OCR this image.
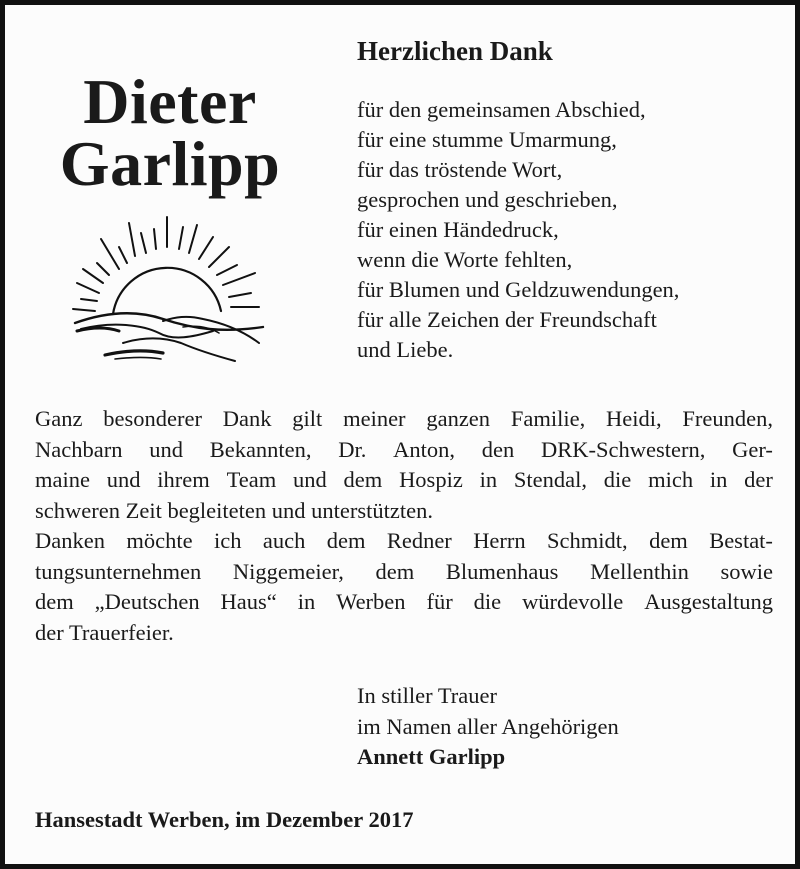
Dieter
Garlipp
Herzlichen Dank
für den gemeinsamen Abschied,
für eine stumme Umarmung,
für das tröstende Wort,
gesprochen und geschrieben,
für einen Händedruck,
wenn die Worte fehlten,
für Blumen und Geldzuwendungen,
für alle Zeichen der Freundschaft
und Liebe.
Ganz besonderer Dank gilt meiner ganzen Familie, Heidi, Freunden,
Nachbarn und Bekannten, Dr. Anton, den DRK-Schwestern, Ger-
maine und ihrem Team und dem Hospiz in Stendal, die mich in der
schweren Zeit begleiteten und unterstützten.
Danken möchte ich auch dem Redner Herrn Schmidt, dem Bestat-
tungsunternehmen Niggemeier, dem Blumenhaus Mellenthin sowie
dem „Deutschen Haus“ in Werben für die würdevolle Ausgestaltung
der Trauerfeier.
In stiller Trauer
im Namen aller Angehörigen
Annett Garlipp
Hansestadt Werben, im Dezember 2017
